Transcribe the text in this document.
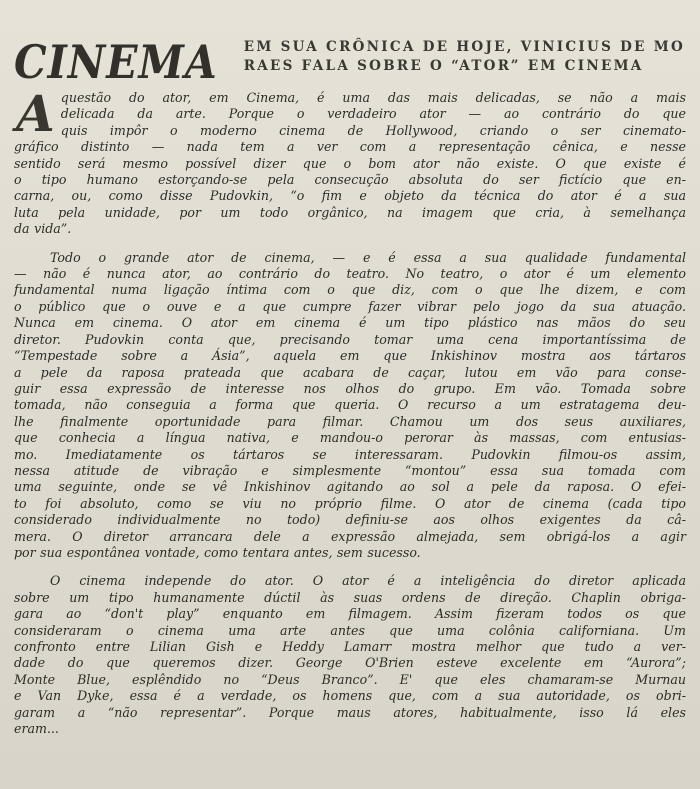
CINEMA EM SUA CRÔNICA DE HOJE, VINICIUS DE MO
RAES FALA SOBRE O “ATOR” EM CINEMA
A questão do ator, em Cinema, é uma das mais delicadas, se não a mais
delicada da arte. Porque o verdadeiro ator — ao contrário do que
quis impôr o moderno cinema de Hollywood, criando o ser cinemato-
gráfico distinto — nada tem a ver com a representação cênica, e nesse
sentido será mesmo possível dizer que o bom ator não existe. O que existe é
o tipo humano estorçando-se pela consecução absoluta do ser fictício que en-
carna, ou, como disse Pudovkin, “o fim e objeto da técnica do ator é a sua
luta pela unidade, por um todo orgânico, na imagem que cria, à semelhança
da vida”.
Todo o grande ator de cinema, — e é essa a sua qualidade fundamental
— não é nunca ator, ao contrário do teatro. No teatro, o ator é um elemento
fundamental numa ligação íntima com o que diz, com o que lhe dizem, e com
o público que o ouve e a que cumpre fazer vibrar pelo jogo da sua atuação.
Nunca em cinema. O ator em cinema é um tipo plástico nas mãos do seu
diretor. Pudovkin conta que, precisando tomar uma cena importantíssima de
“Tempestade sobre a Ásia”, aquela em que Inkishinov mostra aos tártaros
a pele da raposa prateada que acabara de caçar, lutou em vão para conse-
guir essa expressão de interesse nos olhos do grupo. Em vão. Tomada sobre
tomada, não conseguia a forma que queria. O recurso a um estratagema deu-
lhe finalmente oportunidade para filmar. Chamou um dos seus auxiliares,
que conhecia a língua nativa, e mandou-o perorar às massas, com entusias-
mo. Imediatamente os tártaros se interessaram. Pudovkin filmou-os assim,
nessa atitude de vibração e simplesmente “montou” essa sua tomada com
uma seguinte, onde se vê Inkishinov agitando ao sol a pele da raposa. O efei-
to foi absoluto, como se viu no próprio filme. O ator de cinema (cada tipo
considerado individualmente no todo) definiu-se aos olhos exigentes da câ-
mera. O diretor arrancara dele a expressão almejada, sem obrigá-los a agir
por sua espontânea vontade, como tentara antes, sem sucesso.
O cinema independe do ator. O ator é a inteligência do diretor aplicada
sobre um tipo humanamente dúctil às suas ordens de direção. Chaplin obriga-
gara ao “don't play” enquanto em filmagem. Assim fizeram todos os que
consideraram o cinema uma arte antes que uma colônia californiana. Um
confronto entre Lilian Gish e Heddy Lamarr mostra melhor que tudo a ver-
dade do que queremos dizer. George O'Brien esteve excelente em “Aurora”;
Monte Blue, esplêndido no “Deus Branco”. E' que eles chamaram-se Murnau
e Van Dyke, essa é a verdade, os homens que, com a sua autoridade, os obri-
garam a “não representar”. Porque maus atores, habitualmente, isso lá eles
eram...
